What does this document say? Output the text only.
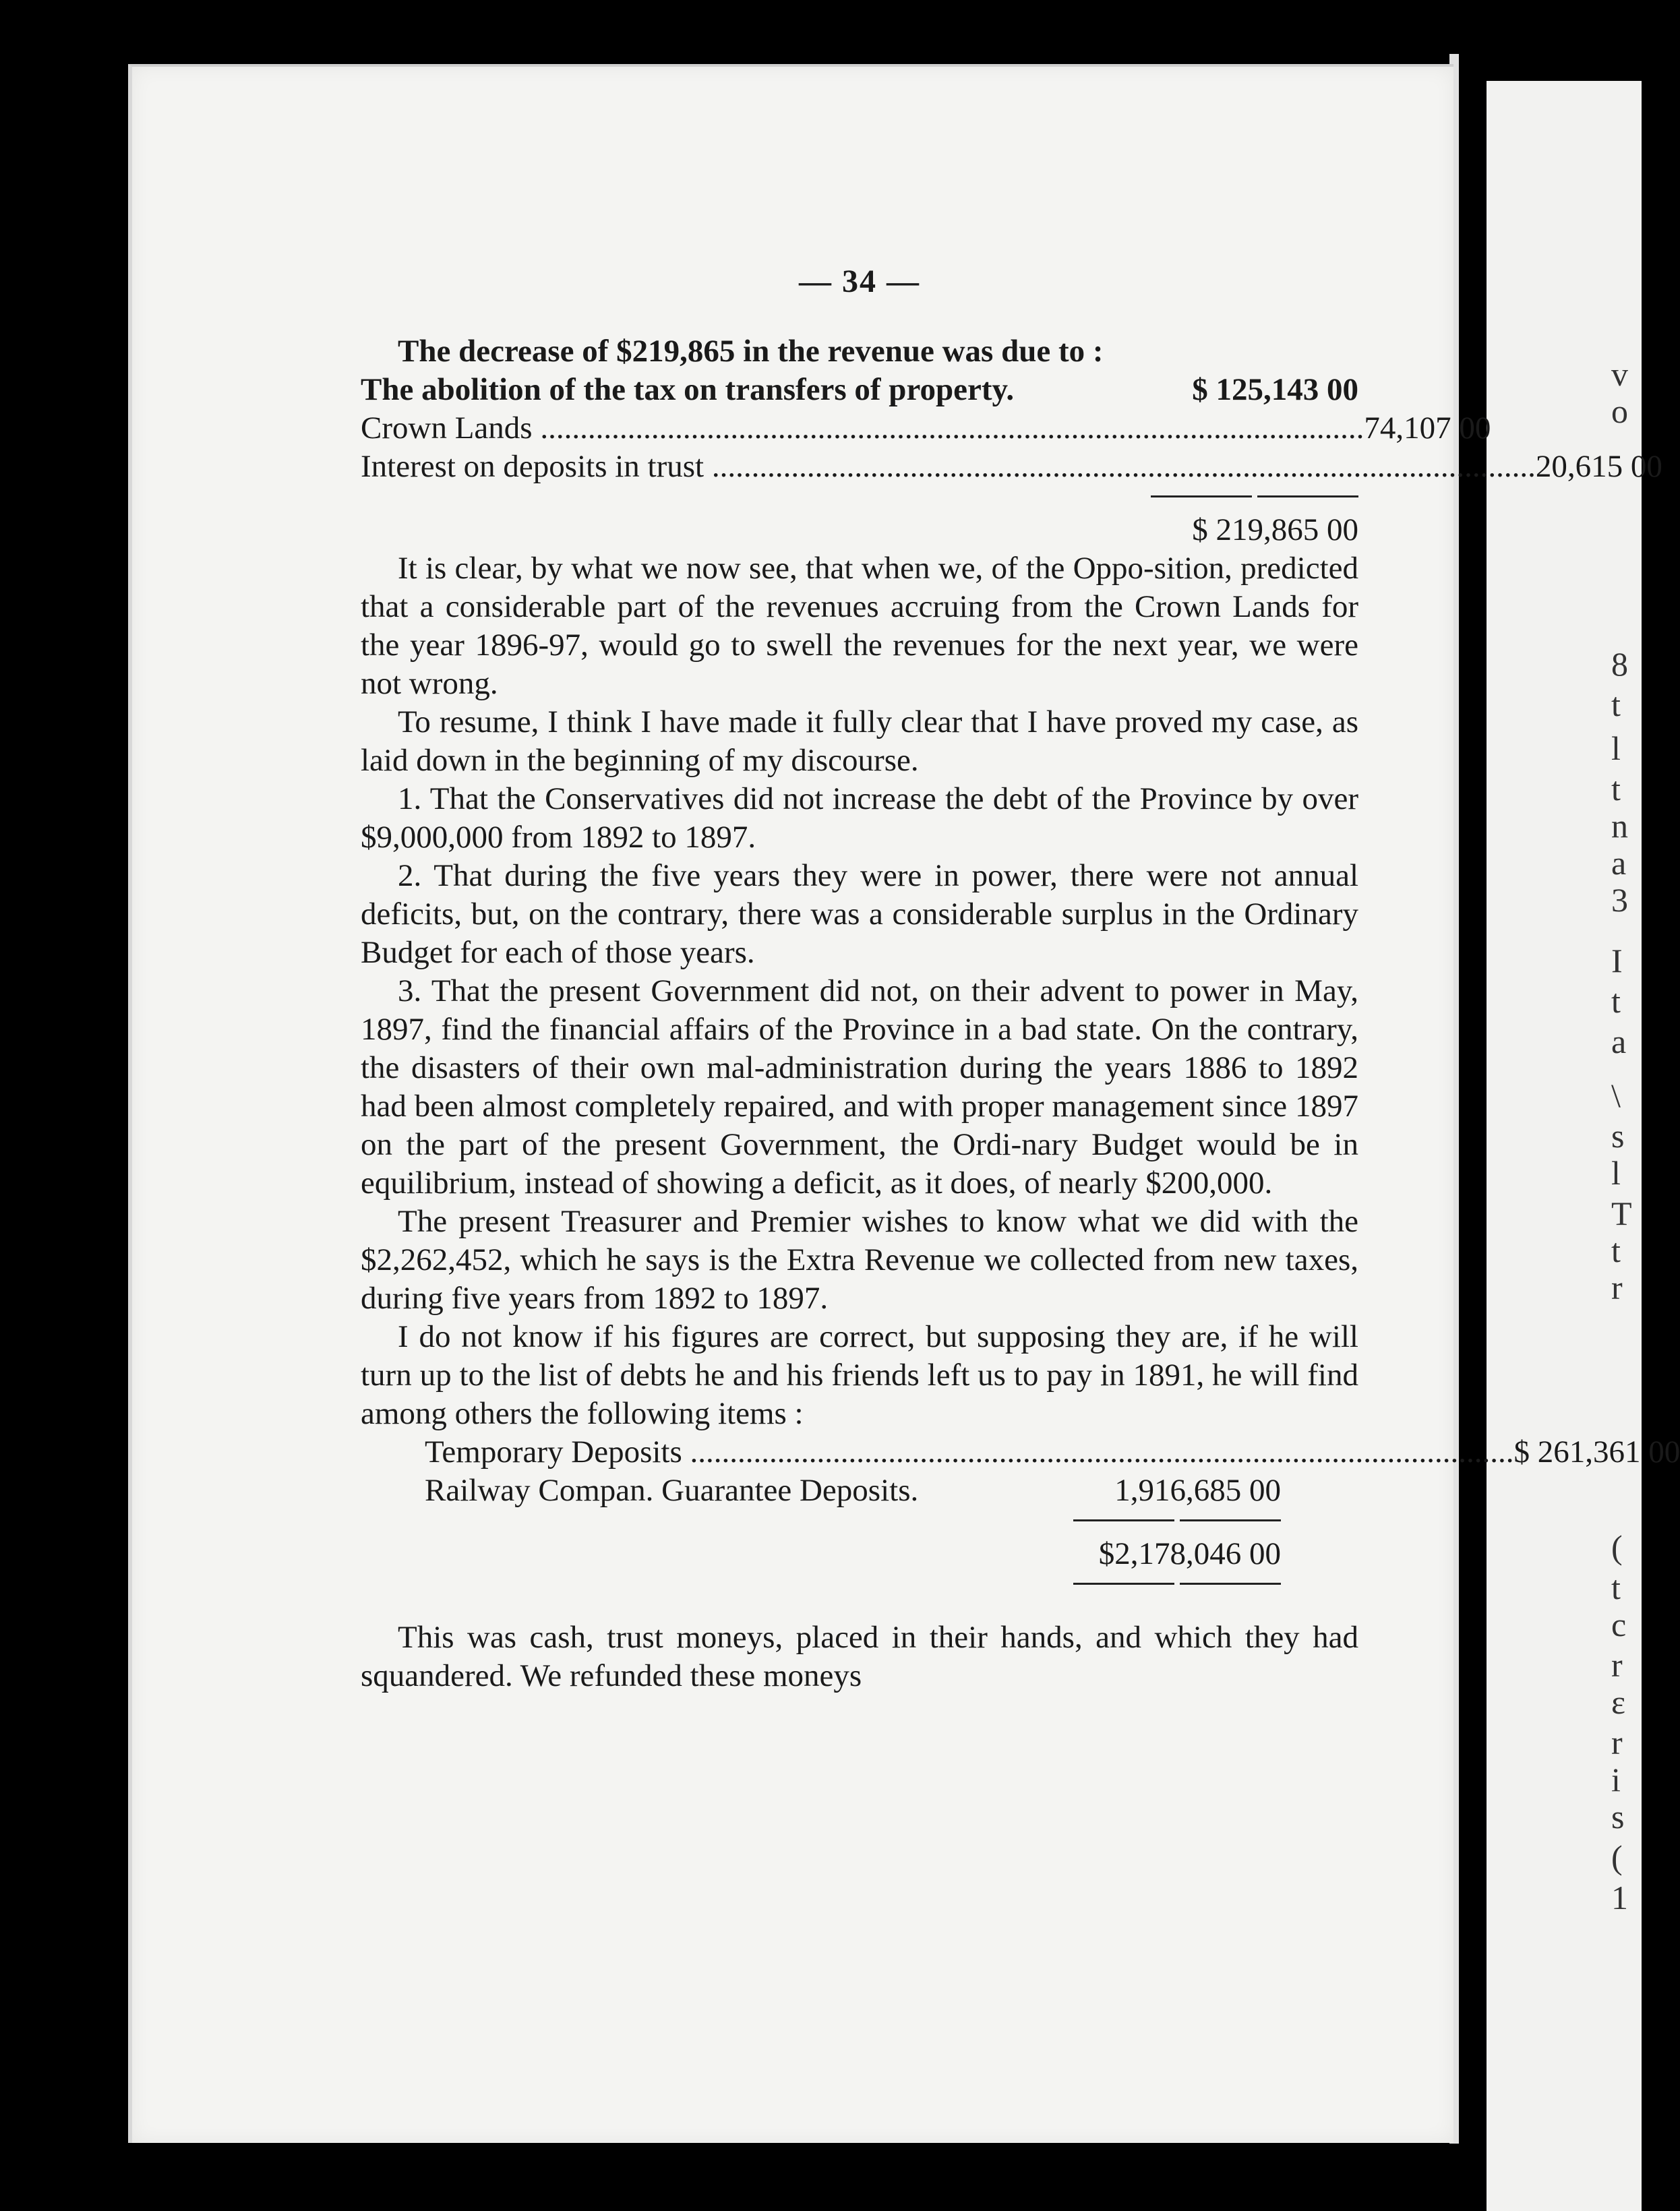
v
o
8
t
l
t
n
a
3
I
t
a
\
s
l
T
t
r
(
t
c
r
ɛ
r
i
s
(
1
— 34 —

The decrease of $219,865 in the revenue was due to :

The abolition of the tax on transfers of property.	$ 125,143 00
Crown Lands .....	74,107 00
Interest on deposits in trust .....	20,615 00
$ 219,865 00

It is clear, by what we now see, that when we, of the Oppo-sition, predicted that a considerable part of the revenues accruing from the Crown Lands for the year 1896-97, would go to swell the revenues for the next year, we were not wrong.

To resume, I think I have made it fully clear that I have proved my case, as laid down in the beginning of my discourse.

1. That the Conservatives did not increase the debt of the Province by over $9,000,000 from 1892 to 1897.

2. That during the five years they were in power, there were not annual deficits, but, on the contrary, there was a considerable surplus in the Ordinary Budget for each of those years.

3. That the present Government did not, on their advent to power in May, 1897, find the financial affairs of the Province in a bad state. On the contrary, the disasters of their own mal-administration during the years 1886 to 1892 had been almost completely repaired, and with proper management since 1897 on the part of the present Government, the Ordi-nary Budget would be in equilibrium, instead of showing a deficit, as it does, of nearly $200,000.

The present Treasurer and Premier wishes to know what we did with the $2,262,452, which he says is the Extra Revenue we collected from new taxes, during five years from 1892 to 1897.

I do not know if his figures are correct, but supposing they are, if he will turn up to the list of debts he and his friends left us to pay in 1891, he will find among others the following items :

Temporary Deposits .....	$ 261,361 00
Railway Compan. Guarantee Deposits.	1,916,685 00
$2,178,046 00

This was cash, trust moneys, placed in their hands, and which they had squandered. We refunded these moneys
